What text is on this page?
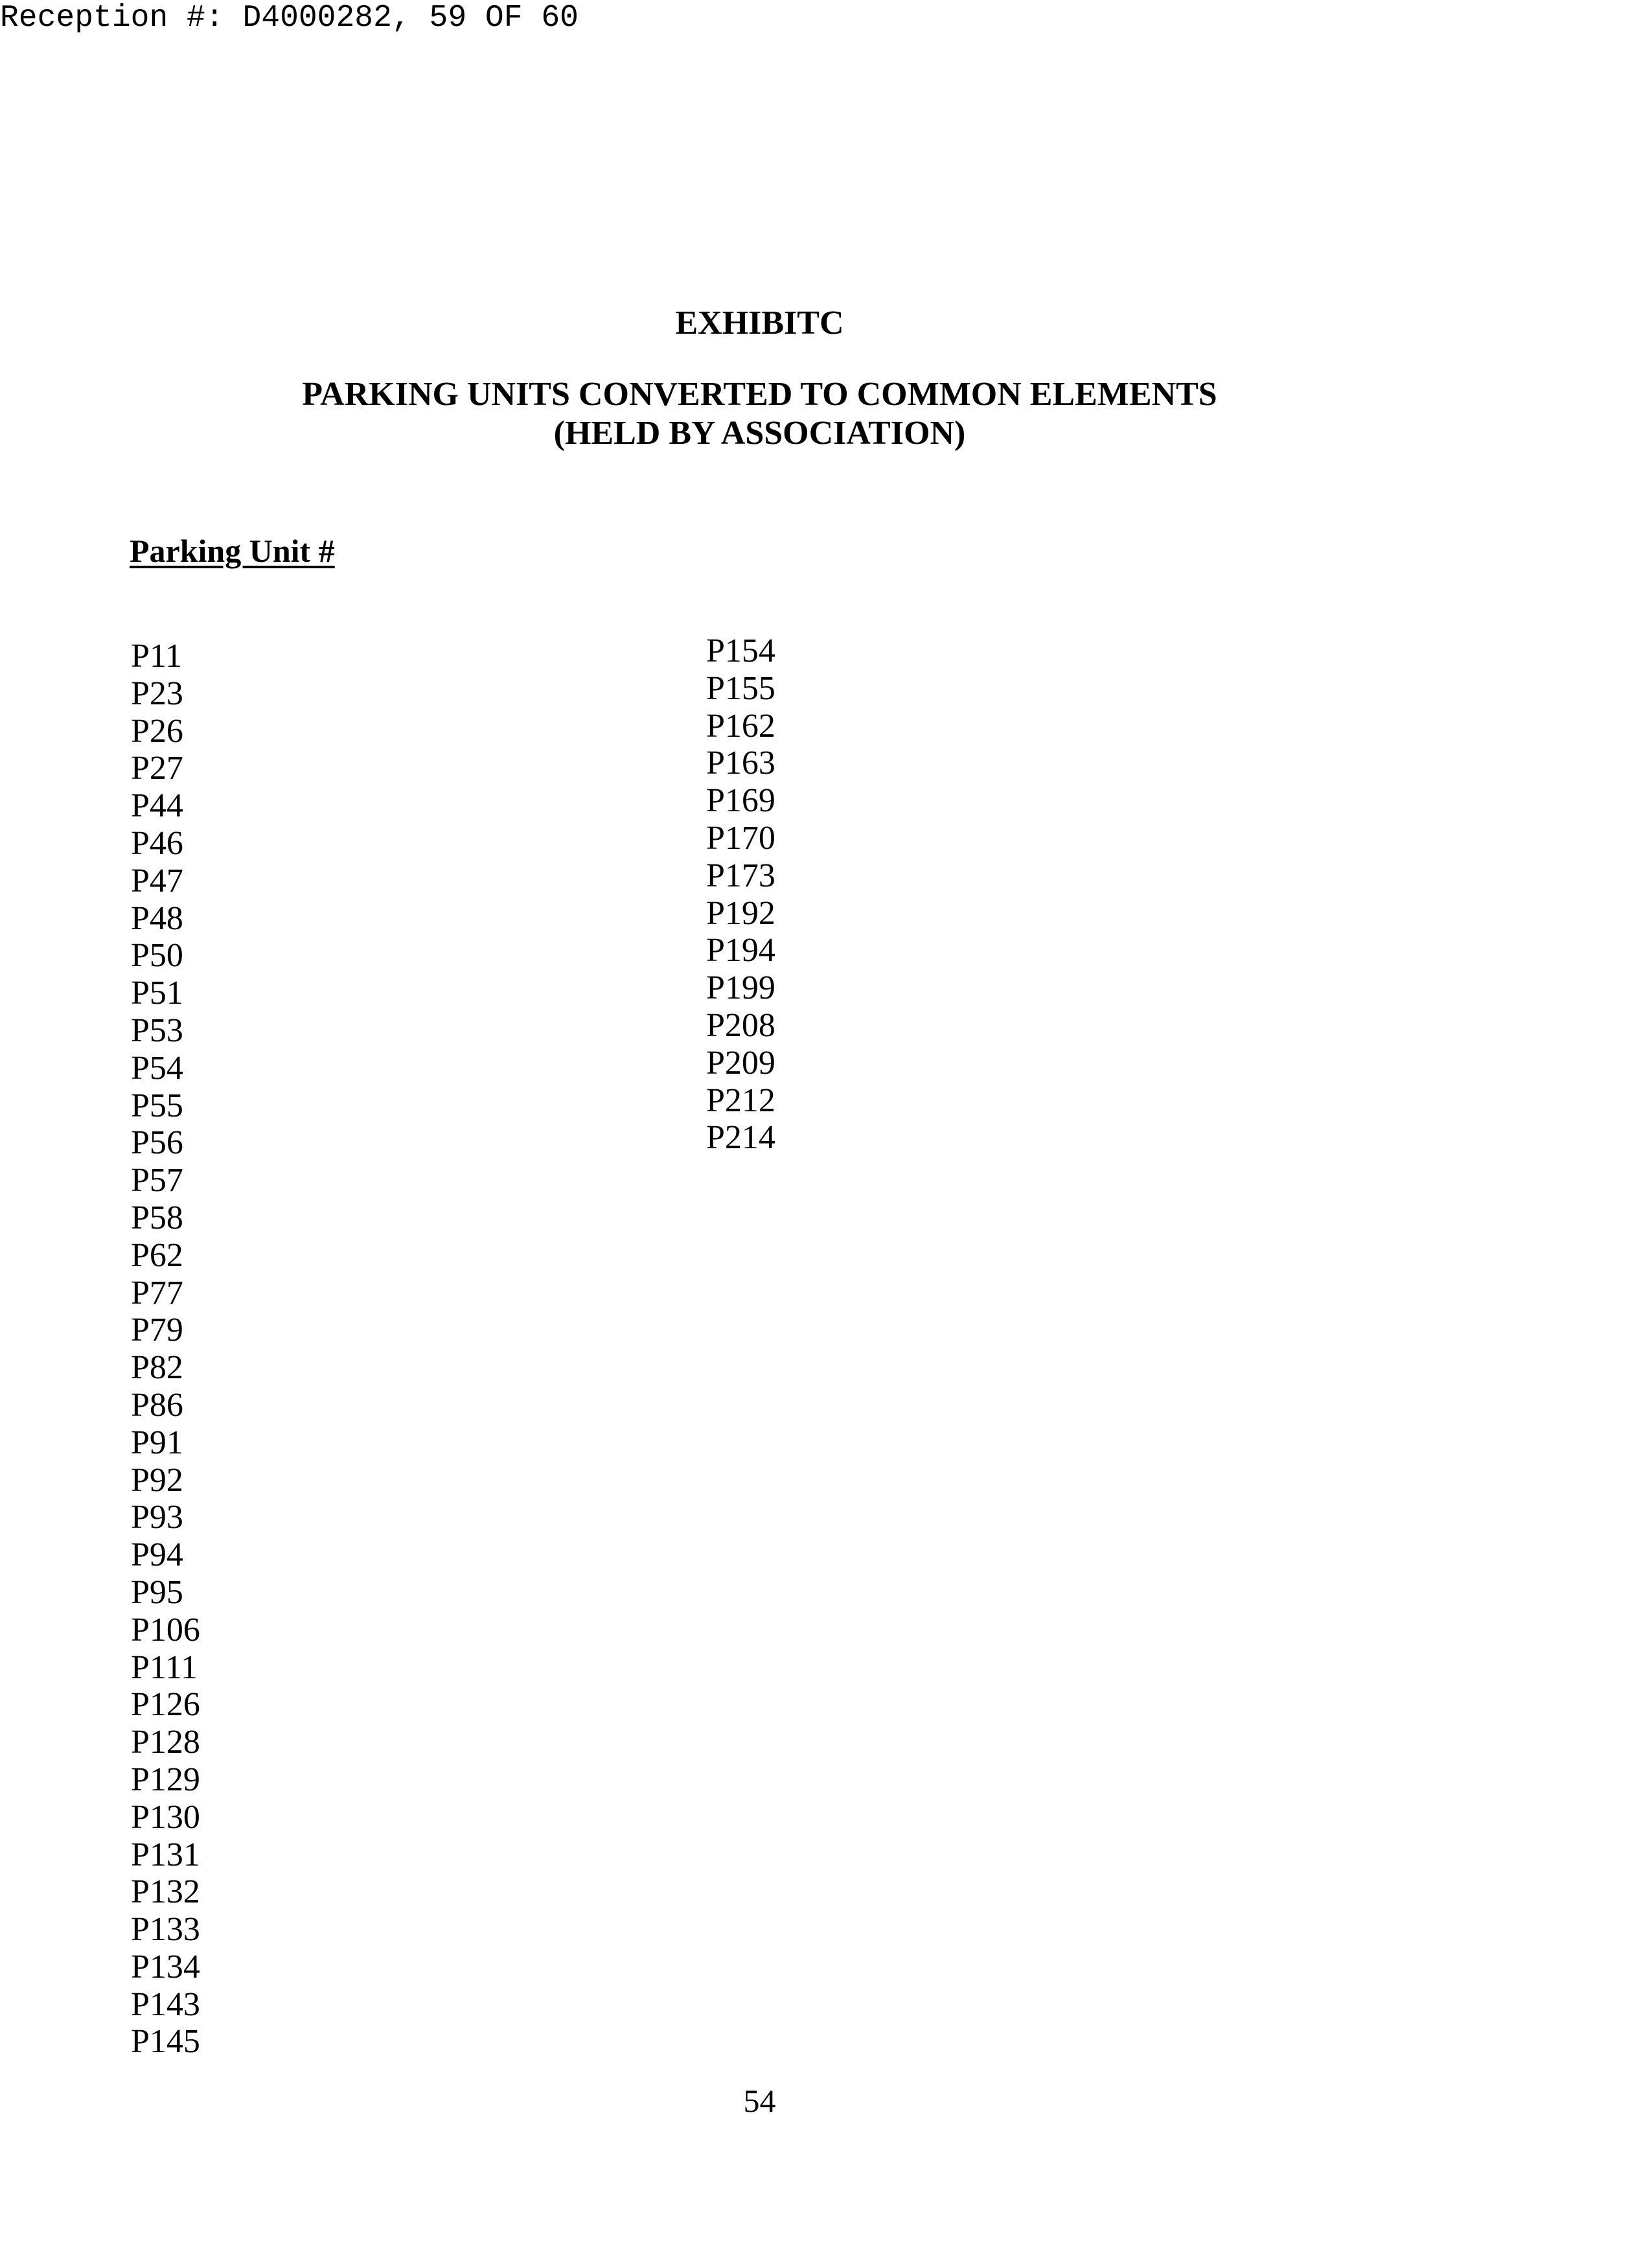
Reception #: D4000282, 59 OF 60
EXHIBITC
PARKING UNITS CONVERTED TO COMMON ELEMENTS
(HELD BY ASSOCIATION)
Parking Unit #
P11
P23
P26
P27
P44
P46
P47
P48
P50
P51
P53
P54
P55
P56
P57
P58
P62
P77
P79
P82
P86
P91
P92
P93
P94
P95
P106
P111
P126
P128
P129
P130
P131
P132
P133
P134
P143
P145
P154
P155
P162
P163
P169
P170
P173
P192
P194
P199
P208
P209
P212
P214
54
